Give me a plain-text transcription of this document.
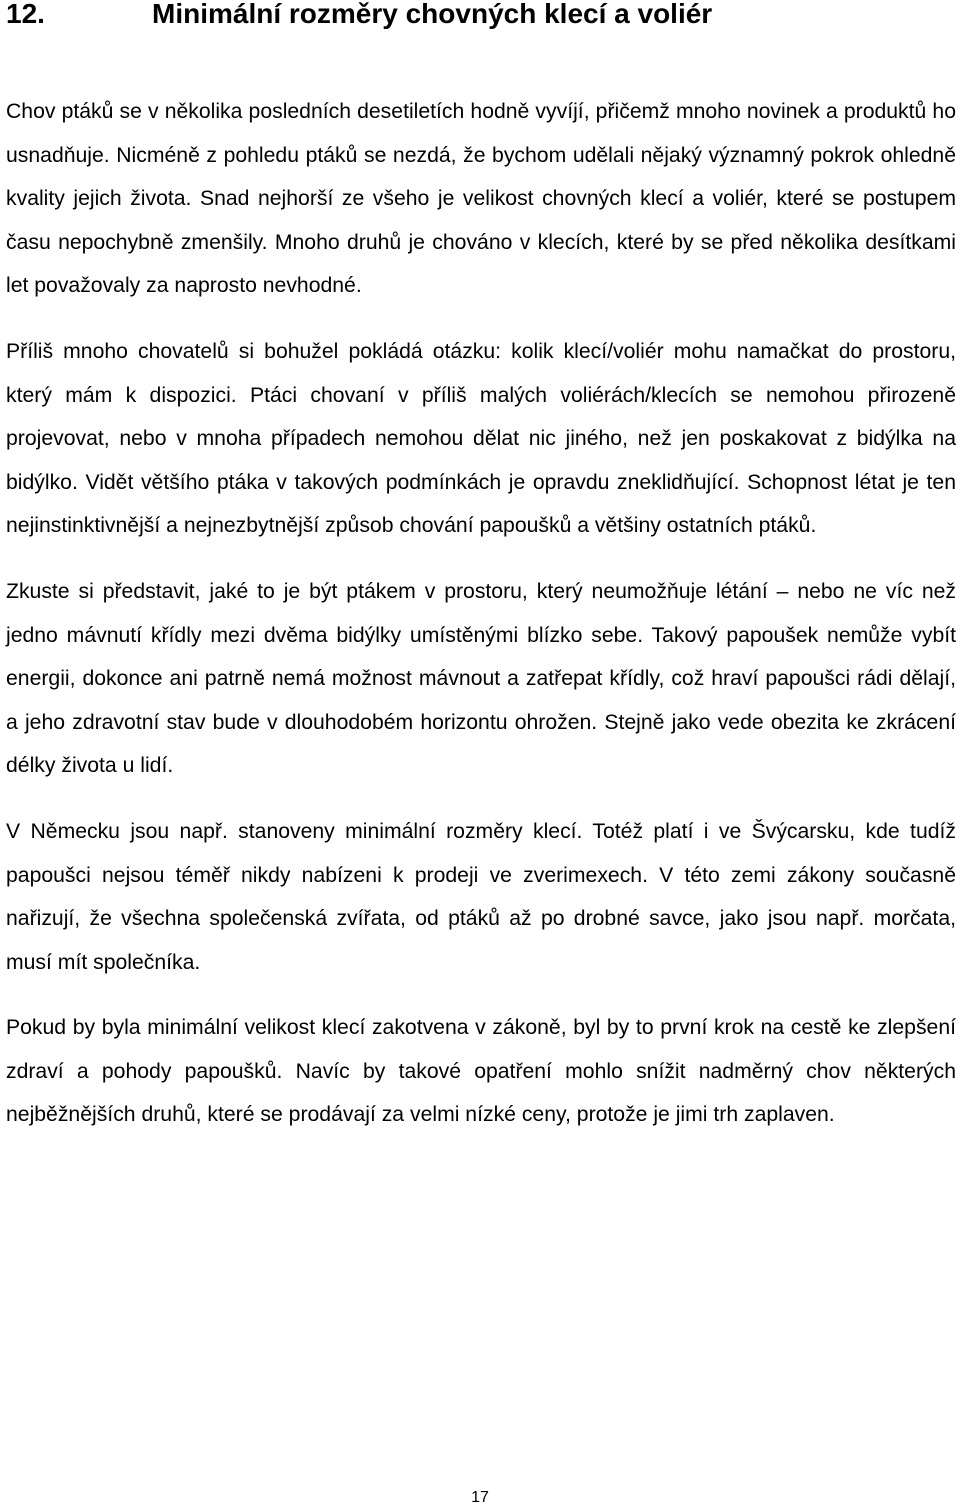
12.	Minimální rozměry chovných klecí a voliér

Chov ptáků se v několika posledních desetiletích hodně vyvíjí, přičemž mnoho novinek a produktů ho usnadňuje. Nicméně z pohledu ptáků se nezdá, že bychom udělali nějaký významný pokrok ohledně kvality jejich života. Snad nejhorší ze všeho je velikost chovných klecí a voliér, které se postupem času nepochybně zmenšily. Mnoho druhů je chováno v klecích, které by se před několika desítkami let považovaly za naprosto nevhodné.

Příliš mnoho chovatelů si bohužel pokládá otázku: kolik klecí/voliér mohu namačkat do prostoru, který mám k dispozici. Ptáci chovaní v příliš malých voliérách/klecích se nemohou přirozeně projevovat, nebo v mnoha případech nemohou dělat nic jiného, než jen poskakovat z bidýlka na bidýlko. Vidět většího ptáka v takových podmínkách je opravdu zneklidňující. Schopnost létat je ten nejinstinktivnější a nejnezbytnější způsob chování papoušků a většiny ostatních ptáků.

Zkuste si představit, jaké to je být ptákem v prostoru, který neumožňuje létání – nebo ne víc než jedno mávnutí křídly mezi dvěma bidýlky umístěnými blízko sebe. Takový papoušek nemůže vybít energii, dokonce ani patrně nemá možnost mávnout a zatřepat křídly, což hraví papoušci rádi dělají, a jeho zdravotní stav bude v dlouhodobém horizontu ohrožen. Stejně jako vede obezita ke zkrácení délky života u lidí.

V Německu jsou např. stanoveny minimální rozměry klecí. Totéž platí i ve Švýcarsku, kde tudíž papoušci nejsou téměř nikdy nabízeni k prodeji ve zverimexech. V této zemi zákony současně nařizují, že všechna společenská zvířata, od ptáků až po drobné savce, jako jsou např. morčata, musí mít společníka.

Pokud by byla minimální velikost klecí zakotvena v zákoně, byl by to první krok na cestě ke zlepšení zdraví a pohody papoušků. Navíc by takové opatření mohlo snížit nadměrný chov některých nejběžnějších druhů, které se prodávají za velmi nízké ceny, protože je jimi trh zaplaven.

17
